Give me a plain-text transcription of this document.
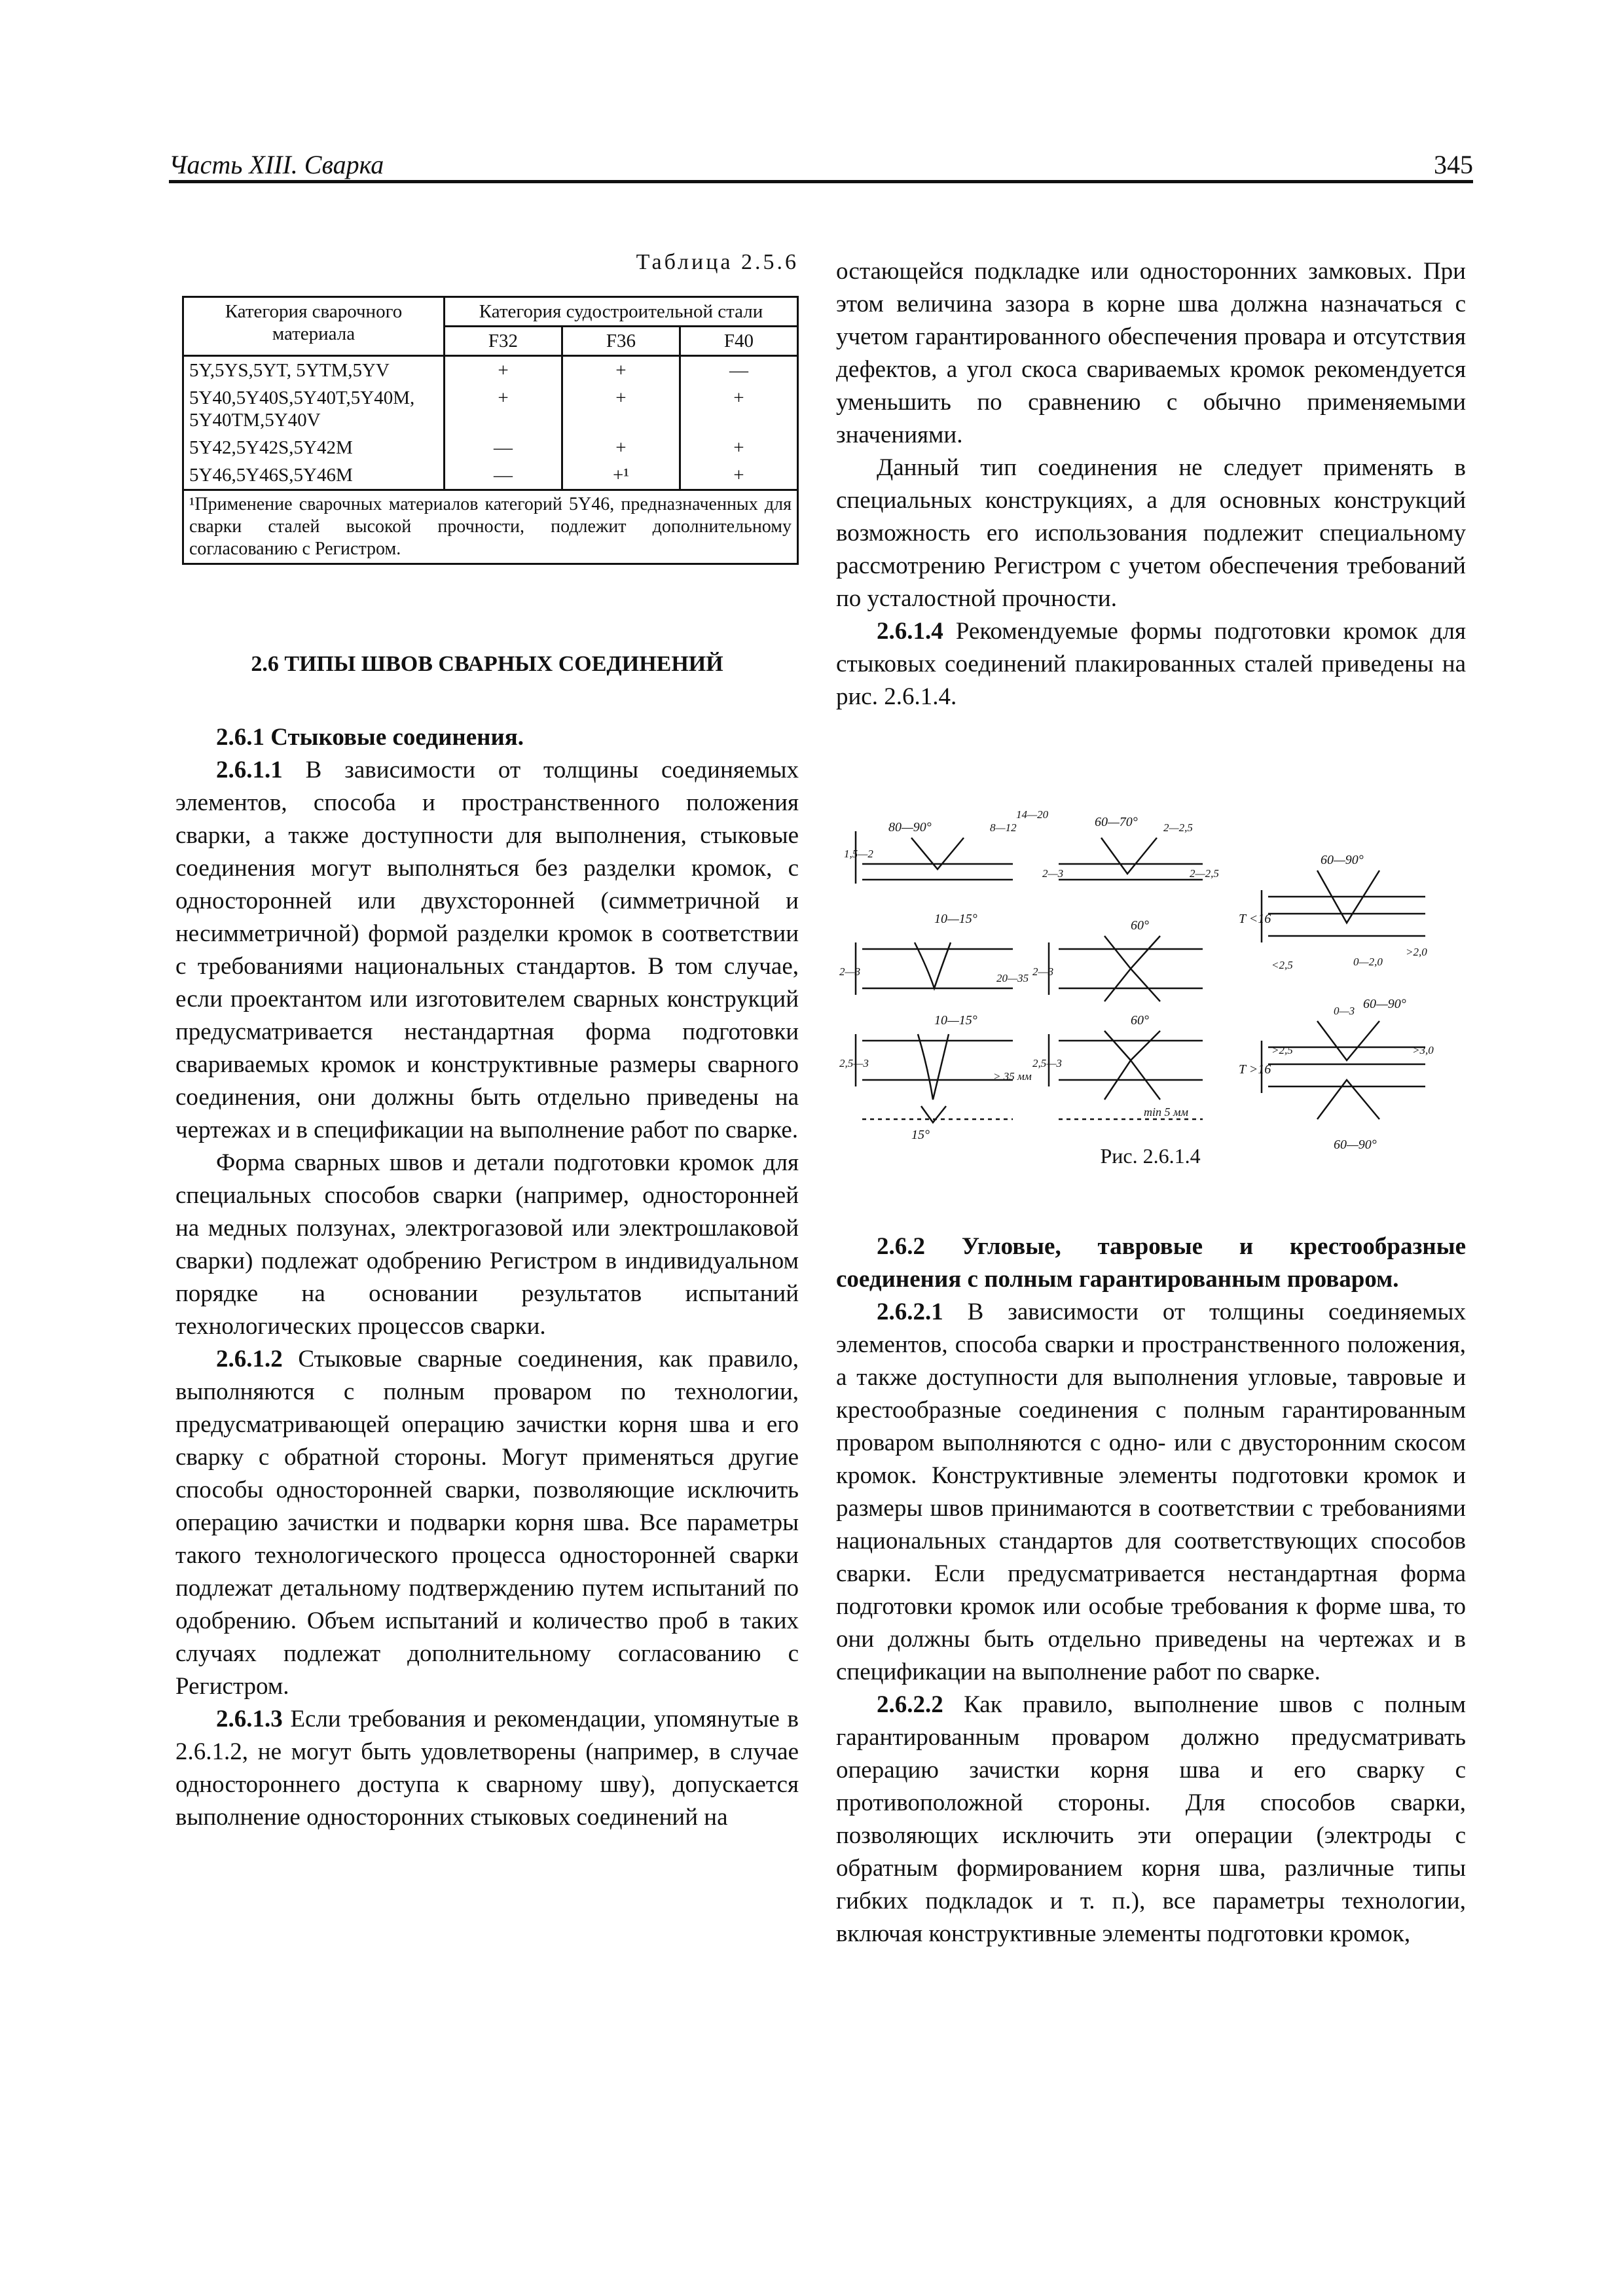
Часть XIII. Сварка	345
Таблица 2.5.6
Категория сварочного материала	Категория судостроительной стали		
	F32	F36	F40
5Y,5YS,5YT, 5YTM,5YV	+	+	—
5Y40,5Y40S,5Y40T,5Y40M, 5Y40TM,5Y40V	+	+	+
5Y42,5Y42S,5Y42M	—	+	+
5Y46,5Y46S,5Y46M	—	+¹	+
¹Применение сварочных материалов категорий 5Y46, предназначенных для сварки сталей высокой прочности, подлежит дополнительному согласованию с Регистром.			

2.6 ТИПЫ ШВОВ СВАРНЫХ СОЕДИНЕНИЙ

2.6.1 Стыковые соединения.

2.6.1.1 В зависимости от толщины соединяемых элементов, способа и пространственного положения сварки, а также доступности для выполнения, стыковые соединения могут выполняться без разделки кромок, с односторонней или двухсторонней (симметричной и несимметричной) формой разделки кромок в соответствии с требованиями национальных стандартов. В том случае, если проектантом или изготовителем сварных конструкций предусматривается нестандартная форма подготовки свариваемых кромок и конструктивные размеры сварного соединения, они должны быть отдельно приведены на чертежах и в спецификации на выполнение работ по сварке.

Форма сварных швов и детали подготовки кромок для специальных способов сварки (например, односторонней на медных ползунах, электрогазовой или электрошлаковой сварки) подлежат одобрению Регистром в индивидуальном порядке на основании результатов испытаний технологических процессов сварки.

2.6.1.2 Стыковые сварные соединения, как правило, выполняются с полным проваром по технологии, предусматривающей операцию зачистки корня шва и его сварку с обратной стороны. Могут применяться другие способы односторонней сварки, позволяющие исключить операцию зачистки и подварки корня шва. Все параметры такого технологического процесса односторонней сварки подлежат детальному подтверждению путем испытаний по одобрению. Объем испытаний и количество проб в таких случаях подлежат дополнительному согласованию с Регистром.

2.6.1.3 Если требования и рекомендации, упомянутые в 2.6.1.2, не могут быть удовлетворены (например, в случае одностороннего доступа к сварному шву), допускается выполнение односторонних стыковых соединений на

остающейся подкладке или односторонних замковых. При этом величина зазора в корне шва должна назначаться с учетом гарантированного обеспечения провара и отсутствия дефектов, а угол скоса свариваемых кромок рекомендуется уменьшить по сравнению с обычно применяемыми значениями.

Данный тип соединения не следует применять в специальных конструкциях, а для основных конструкций возможность его использования подлежит специальному рассмотрению Регистром с учетом обеспечения требований по усталостной прочности.

2.6.1.4 Рекомендуемые формы подготовки кромок для стыковых соединений плакированных сталей приведены на рис. 2.6.1.4.

80—90°	60—70°
60—90°
60—90°
60—90°
10—15°
10—15°
15°
60°
60°
1,5—2
8—12
14—20
2—3	2—3
20—35
2,5—3
> 35 мм
2,5—3
min 5 мм
2—2,5
T <16
T >16
<2,5
>2,0
0—2,0
0—3
>3,0
>2,5
2—3	2—2,5
Рис. 2.6.1.4

2.6.2 Угловые, тавровые и крестообразные соединения с полным гарантированным проваром.

2.6.2.1 В зависимости от толщины соединяемых элементов, способа сварки и пространственного положения, а также доступности для выполнения угловые, тавровые и крестообразные соединения с полным гарантированным проваром выполняются с одно- или с двусторонним скосом кромок. Конструктивные элементы подготовки кромок и размеры швов принимаются в соответствии с требованиями национальных стандартов для соответствующих способов сварки. Если предусматривается нестандартная форма подготовки кромок или особые требования к форме шва, то они должны быть отдельно приведены на чертежах и в спецификации на выполнение работ по сварке.

2.6.2.2 Как правило, выполнение швов с полным гарантированным проваром должно предусматривать операцию зачистки корня шва и его сварку с противоположной стороны. Для способов сварки, позволяющих исключить эти операции (электроды с обратным формированием корня шва, различные типы гибких подкладок и т. п.), все параметры технологии, включая конструктивные элементы подготовки кромок,
